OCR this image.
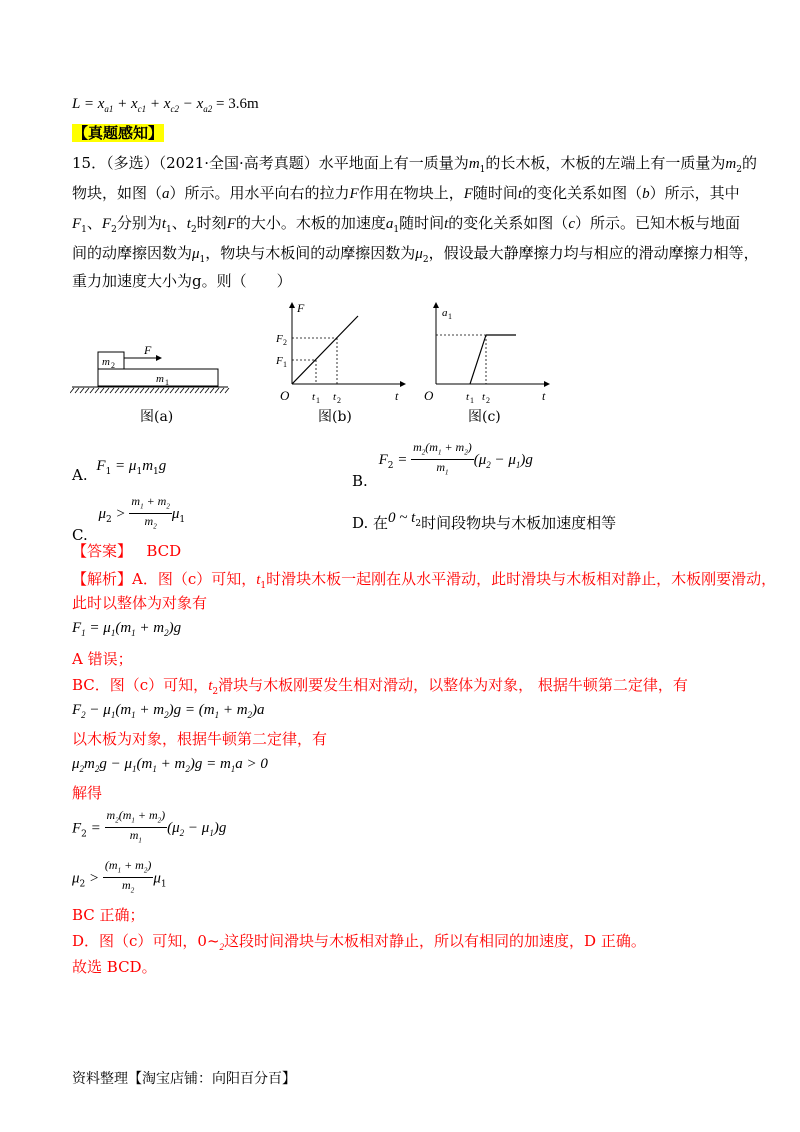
$L = x_{a1} + x_{c1} + x_{c2} - x_{a2} = 3.6m$
【真题感知】
15．（多选）（2021·全国·高考真题）水平地面上有一质量为$m_1$的长木板，木板的左端上有一质量为$m_2$的
物块，如图（a）所示。用水平向右的拉力F作用在物块上，F随时间t的变化关系如图（b）所示，其中
$F_1$、$F_2$分别为$t_1$、$t_2$时刻F的大小。木板的加速度$a_1$随时间t的变化关系如图（c）所示。已知木板与地面
间的动摩擦因数为$\mu_1$，物块与木板间的动摩擦因数为$\mu_2$，假设最大静摩擦力均与相应的滑动摩擦力相等，
重力加速度大小为g。则（　　）
m 2
F
m 1
图(a)
F
O	t
F 1
F 2
t 1 t 2
图(b)
a 1
O	t
t 1 t 2
图(c)
A. $F_1 = \mu_1m_1g$
B. $F_2 = \frac{m_2(m_1 + m_2)}{m_1} (\mu_2 - \mu_1)g$
C. $\mu_2 > \frac{m_1 + m_2}{m_2} \mu_1$	D. 在0 ~ $t_2$时间段物块与木板加速度相等
【答案】 BCD
【解析】A．图（c）可知，$t_1$时滑块木板一起刚在从水平滑动，此时滑块与木板相对静止，木板刚要滑动，
此时以整体为对象有
$F_1 = \mu_1(m_1 + m_2)g$
A 错误；
BC．图（c）可知，$t_2$滑块与木板刚要发生相对滑动，以整体为对象， 根据牛顿第二定律，有
$F_2 - \mu_1(m_1 + m_2)g = (m_1 + m_2)a$
以木板为对象，根据牛顿第二定律，有
$\mu_2m_2g - \mu_1(m_1 + m_2)g = m_1a > 0$
解得
$F_2 = \frac{m_2(m_1 + m_2)}{m_1} (\mu_2 - \mu_1)g$
$\mu_2 > \frac{(m_1 + m_2)}{m_2} \mu_1$
BC 正确；
D．图（c）可知，$0\sim_2$这段时间滑块与木板相对静止，所以有相同的加速度，D 正确。
故选 BCD。
资料整理【淘宝店铺：向阳百分百】
